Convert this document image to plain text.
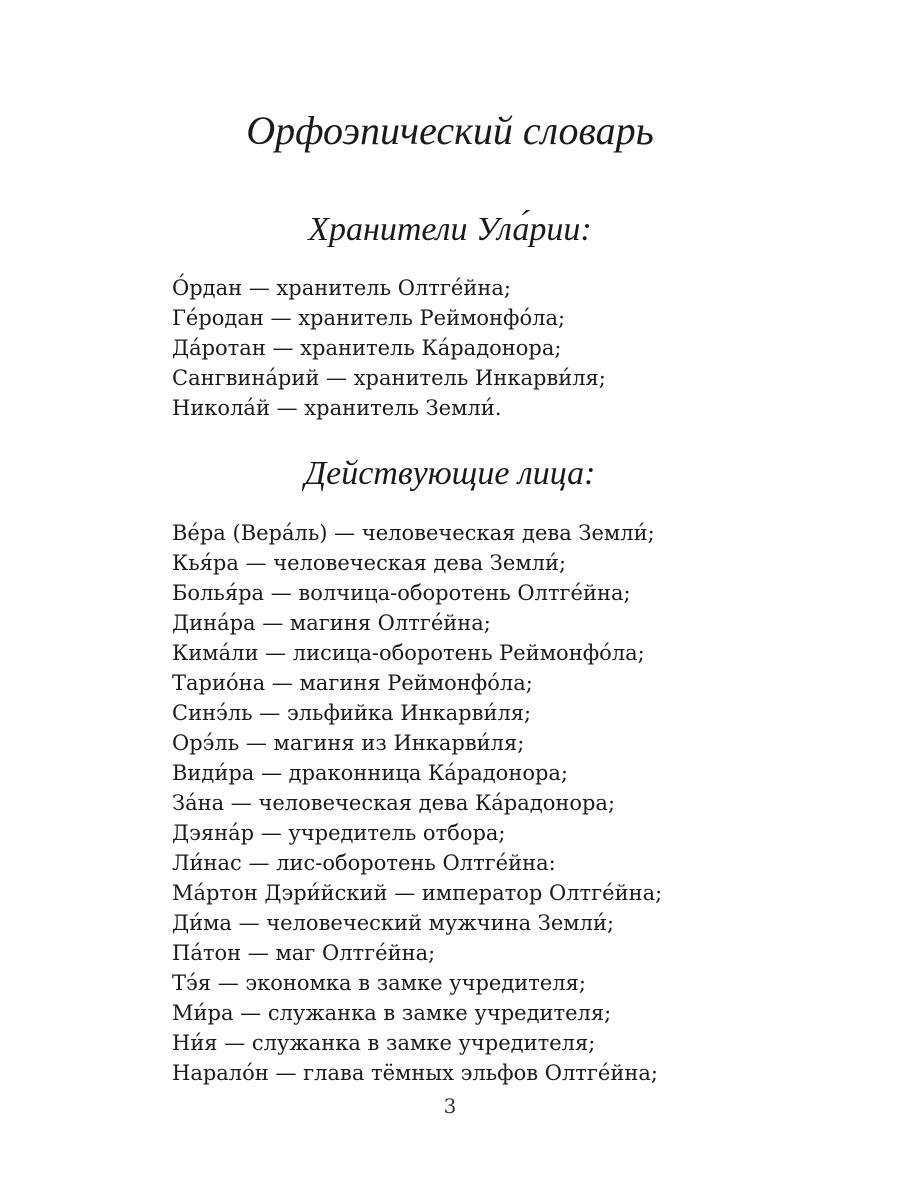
Орфоэпический словарь
Хранители Ула́рии:
О́рдан — хранитель Олтге́йна;
Ге́родан — хранитель Реймонфо́ла;
Да́ротан — хранитель Ка́радонора;
Сангвина́рий — хранитель Инкарви́ля;
Никола́й — хранитель Земли́.
Действующие лица:
Ве́ра (Вера́ль) — человеческая дева Земли́;
Кья́ра — человеческая дева Земли́;
Болья́ра — волчица-оборотень Олтге́йна;
Дина́ра — магиня Олтге́йна;
Кима́ли — лисица-оборотень Реймонфо́ла;
Тарио́на — магиня Реймонфо́ла;
Синэ́ль — эльфийка Инкарви́ля;
Орэ́ль — магиня из Инкарви́ля;
Види́ра — драконница Ка́радонора;
За́на — человеческая дева Ка́радонора;
Дэяна́р — учредитель отбора;
Ли́нас — лис-оборотень Олтге́йна:
Ма́ртон Дэри́йский — император Олтге́йна;
Ди́ма — человеческий мужчина Земли́;
Па́тон — маг Олтге́йна;
Тэ́я — экономка в замке учредителя;
Ми́ра — служанка в замке учредителя;
Ни́я — служанка в замке учредителя;
Нарало́н — глава тёмных эльфов Олтге́йна;
3
